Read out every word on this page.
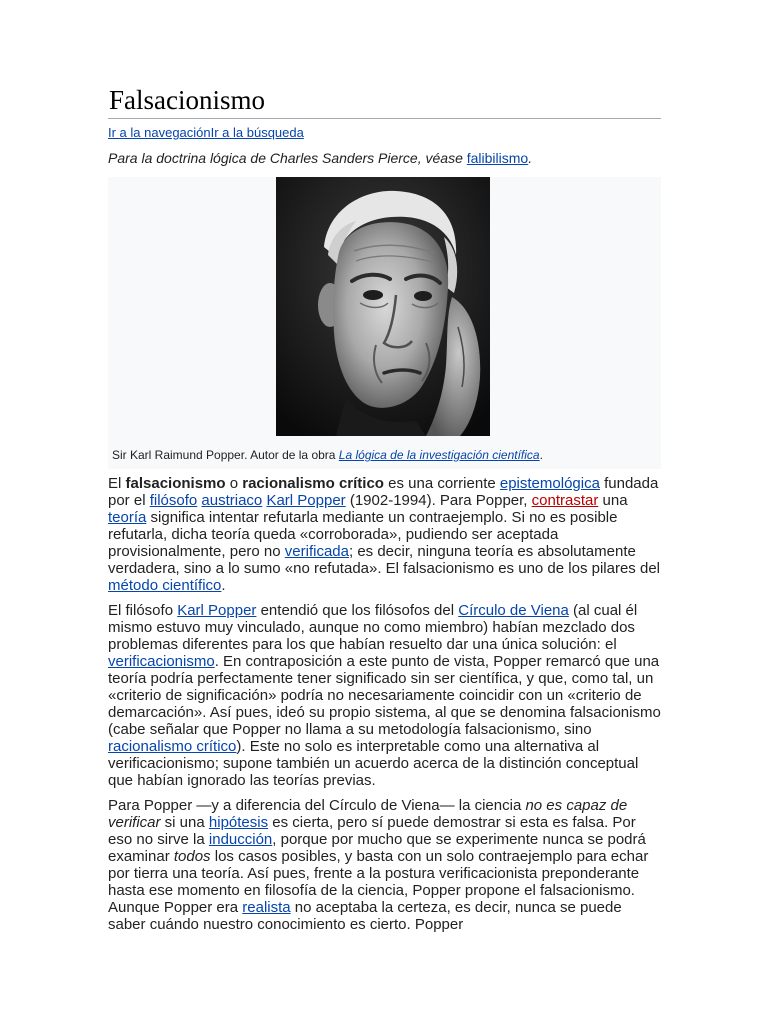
Falsacionismo
Ir a la navegaciónIr a la búsqueda
Para la doctrina lógica de Charles Sanders Pierce, véase falibilismo.
Sir Karl Raimund Popper. Autor de la obra La lógica de la investigación científica.

El falsacionismo o racionalismo crítico es una corriente epistemológica fundada por el filósofo austriaco Karl Popper (1902-1994). Para Popper, contrastar una teoría significa intentar refutarla mediante un contraejemplo. Si no es posible refutarla, dicha teoría queda «corroborada», pudiendo ser aceptada provisionalmente, pero no verificada; es decir, ninguna teoría es absolutamente verdadera, sino a lo sumo «no refutada». El falsacionismo es uno de los pilares del método científico.

El filósofo Karl Popper entendió que los filósofos del Círculo de Viena (al cual él mismo estuvo muy vinculado, aunque no como miembro) habían mezclado dos problemas diferentes para los que habían resuelto dar una única solución: el verificacionismo. En contraposición a este punto de vista, Popper remarcó que una teoría podría perfectamente tener significado sin ser científica, y que, como tal, un «criterio de significación» podría no necesariamente coincidir con un «criterio de demarcación». Así pues, ideó su propio sistema, al que se denomina falsacionismo (cabe señalar que Popper no llama a su metodología falsacionismo, sino racionalismo crítico). Este no solo es interpretable como una alternativa al verificacionismo; supone también un acuerdo acerca de la distinción conceptual que habían ignorado las teorías previas.

Para Popper —y a diferencia del Círculo de Viena— la ciencia no es capaz de verificar si una hipótesis es cierta, pero sí puede demostrar si esta es falsa. Por eso no sirve la inducción, porque por mucho que se experimente nunca se podrá examinar todos los casos posibles, y basta con un solo contraejemplo para echar por tierra una teoría. Así pues, frente a la postura verificacionista preponderante hasta ese momento en filosofía de la ciencia, Popper propone el falsacionismo. Aunque Popper era realista no aceptaba la certeza, es decir, nunca se puede saber cuándo nuestro conocimiento es cierto. Popper
